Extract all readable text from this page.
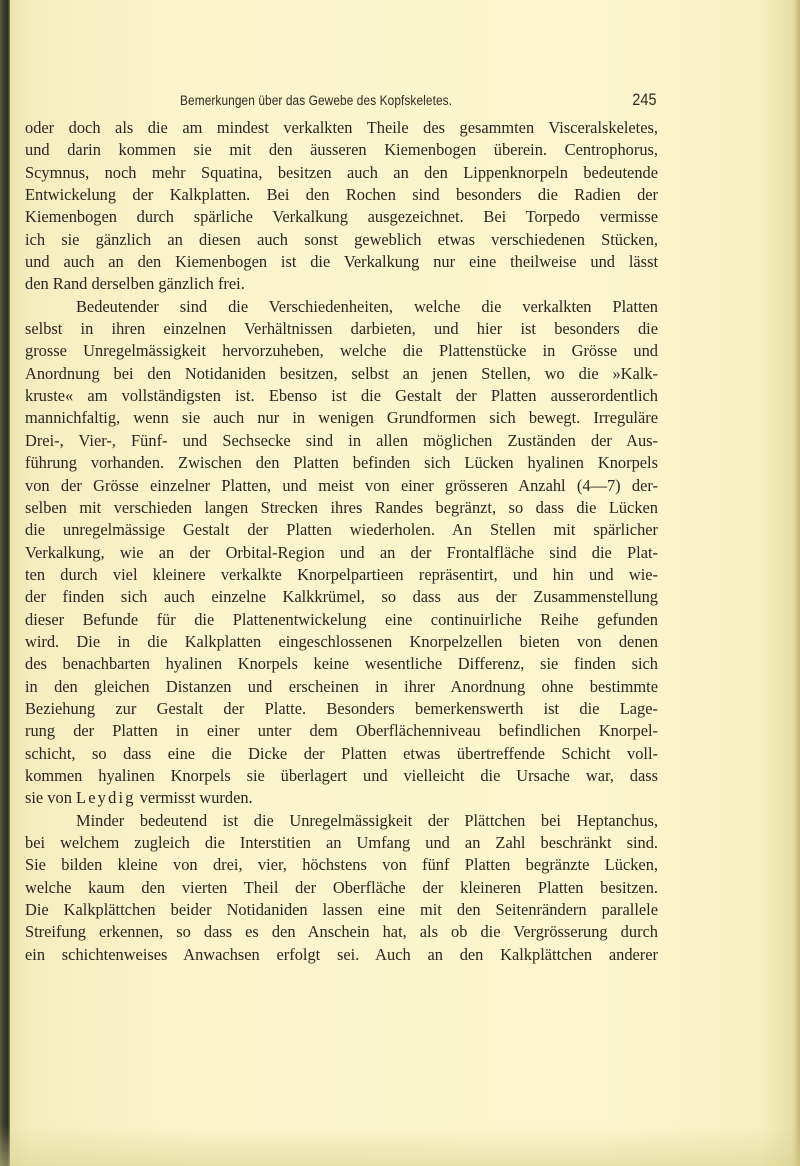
Bemerkungen über das Gewebe des Kopfskeletes.	245
oder doch als die am mindest verkalkten Theile des gesammten Visceralskeletes,
und darin kommen sie mit den äusseren Kiemenbogen überein. Centrophorus,
Scymnus, noch mehr Squatina, besitzen auch an den Lippenknorpeln bedeutende
Entwickelung der Kalkplatten. Bei den Rochen sind besonders die Radien der
Kiemenbogen durch spärliche Verkalkung ausgezeichnet. Bei Torpedo vermisse
ich sie gänzlich an diesen auch sonst geweblich etwas verschiedenen Stücken,
und auch an den Kiemenbogen ist die Verkalkung nur eine theilweise und lässt
den Rand derselben gänzlich frei.
Bedeutender sind die Verschiedenheiten, welche die verkalkten Platten
selbst in ihren einzelnen Verhältnissen darbieten, und hier ist besonders die
grosse Unregelmässigkeit hervorzuheben, welche die Plattenstücke in Grösse und
Anordnung bei den Notidaniden besitzen, selbst an jenen Stellen, wo die »Kalk-
kruste« am vollständigsten ist. Ebenso ist die Gestalt der Platten ausserordentlich
mannichfaltig, wenn sie auch nur in wenigen Grundformen sich bewegt. Irreguläre
Drei-, Vier-, Fünf- und Sechsecke sind in allen möglichen Zuständen der Aus-
führung vorhanden. Zwischen den Platten befinden sich Lücken hyalinen Knorpels
von der Grösse einzelner Platten, und meist von einer grösseren Anzahl (4—7) der-
selben mit verschieden langen Strecken ihres Randes begränzt, so dass die Lücken
die unregelmässige Gestalt der Platten wiederholen. An Stellen mit spärlicher
Verkalkung, wie an der Orbital-Region und an der Frontalfläche sind die Plat-
ten durch viel kleinere verkalkte Knorpelpartieen repräsentirt, und hin und wie-
der finden sich auch einzelne Kalkkrümel, so dass aus der Zusammenstellung
dieser Befunde für die Plattenentwickelung eine continuirliche Reihe gefunden
wird. Die in die Kalkplatten eingeschlossenen Knorpelzellen bieten von denen
des benachbarten hyalinen Knorpels keine wesentliche Differenz, sie finden sich
in den gleichen Distanzen und erscheinen in ihrer Anordnung ohne bestimmte
Beziehung zur Gestalt der Platte. Besonders bemerkenswerth ist die Lage-
rung der Platten in einer unter dem Oberflächenniveau befindlichen Knorpel-
schicht, so dass eine die Dicke der Platten etwas übertreffende Schicht voll-
kommen hyalinen Knorpels sie überlagert und vielleicht die Ursache war, dass
sie von Leydig vermisst wurden.
Minder bedeutend ist die Unregelmässigkeit der Plättchen bei Heptanchus,
bei welchem zugleich die Interstitien an Umfang und an Zahl beschränkt sind.
Sie bilden kleine von drei, vier, höchstens von fünf Platten begränzte Lücken,
welche kaum den vierten Theil der Oberfläche der kleineren Platten besitzen.
Die Kalkplättchen beider Notidaniden lassen eine mit den Seitenrändern parallele
Streifung erkennen, so dass es den Anschein hat, als ob die Vergrösserung durch
ein schichtenweises Anwachsen erfolgt sei. Auch an den Kalkplättchen anderer
